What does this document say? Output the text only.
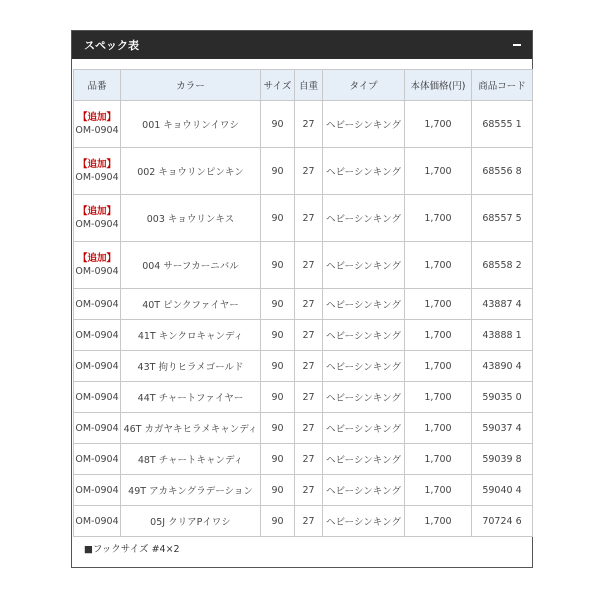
スペック表
品番	カラー	サイズ	自重	タイプ	本体価格(円)	商品コード

【追加】
OM-0904	001 キョウリンイワシ	90	27	ヘビーシンキング	1,700	68555 1

【追加】
OM-0904	002 キョウリンピンキン	90	27	ヘビーシンキング	1,700	68556 8

【追加】
OM-0904	003 キョウリンキス	90	27	ヘビーシンキング	1,700	68557 5

【追加】
OM-0904	004 サーフカーニバル	90	27	ヘビーシンキング	1,700	68558 2
OM-0904	40T ピンクファイヤー	90	27	ヘビーシンキング	1,700	43887 4
OM-0904	41T キンクロキャンディ	90	27	ヘビーシンキング	1,700	43888 1
OM-0904	43T 拘りヒラメゴールド	90	27	ヘビーシンキング	1,700	43890 4
OM-0904	44T チャートファイヤー	90	27	ヘビーシンキング	1,700	59035 0
OM-0904	46T カガヤキヒラメキャンディ	90	27	ヘビーシンキング	1,700	59037 4
OM-0904	48T チャートキャンディ	90	27	ヘビーシンキング	1,700	59039 8
OM-0904	49T アカキングラデーション	90	27	ヘビーシンキング	1,700	59040 4
OM-0904	05J クリアPイワシ	90	27	ヘビーシンキング	1,700	70724 6
■フックサイズ #4×2
